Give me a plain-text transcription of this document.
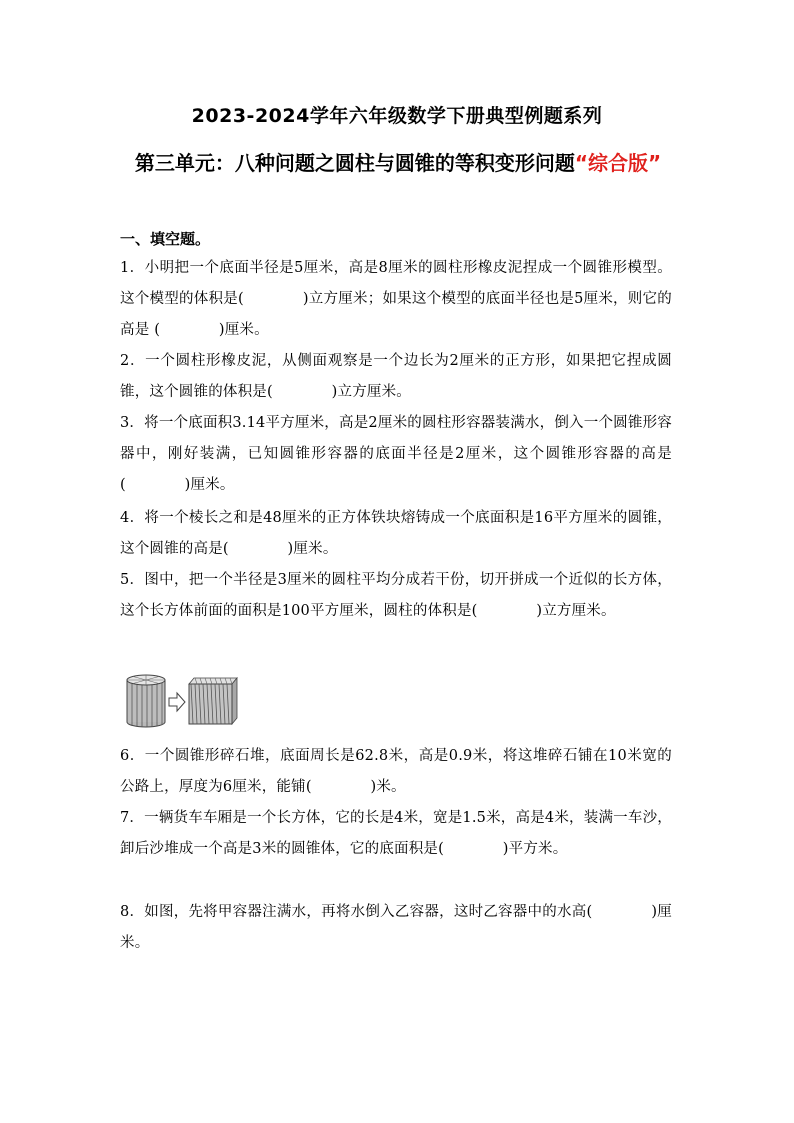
2023-2024学年六年级数学下册典型例题系列
第三单元：八种问题之圆柱与圆锥的等积变形问题“综合版”
一、填空题。
1．小明把一个底面半径是5厘米，高是8厘米的圆柱形橡皮泥捏成一个圆锥形模型。这个模型的体积是(　　　　)立方厘米；如果这个模型的底面半径也是5厘米，则它的高是 (　　　　)厘米。
2．一个圆柱形橡皮泥，从侧面观察是一个边长为2厘米的正方形，如果把它捏成圆锥，这个圆锥的体积是(　　　　)立方厘米。
3．将一个底面积3.14平方厘米，高是2厘米的圆柱形容器装满水，倒入一个圆锥形容器中，刚好装满，已知圆锥形容器的底面半径是2厘米，这个圆锥形容器的高是(　　　　)厘米。
4．将一个棱长之和是48厘米的正方体铁块熔铸成一个底面积是16平方厘米的圆锥，这个圆锥的高是(　　　　)厘米。
5．图中，把一个半径是3厘米的圆柱平均分成若干份，切开拼成一个近似的长方体，这个长方体前面的面积是100平方厘米，圆柱的体积是(　　　　)立方厘米。
6．一个圆锥形碎石堆，底面周长是62.8米，高是0.9米，将这堆碎石铺在10米宽的公路上，厚度为6厘米，能铺(　　　　)米。
7．一辆货车车厢是一个长方体，它的长是4米，宽是1.5米，高是4米，装满一车沙，卸后沙堆成一个高是3米的圆锥体，它的底面积是(　　　　)平方米。
8．如图，先将甲容器注满水，再将水倒入乙容器，这时乙容器中的水高(　　　　)厘米。
